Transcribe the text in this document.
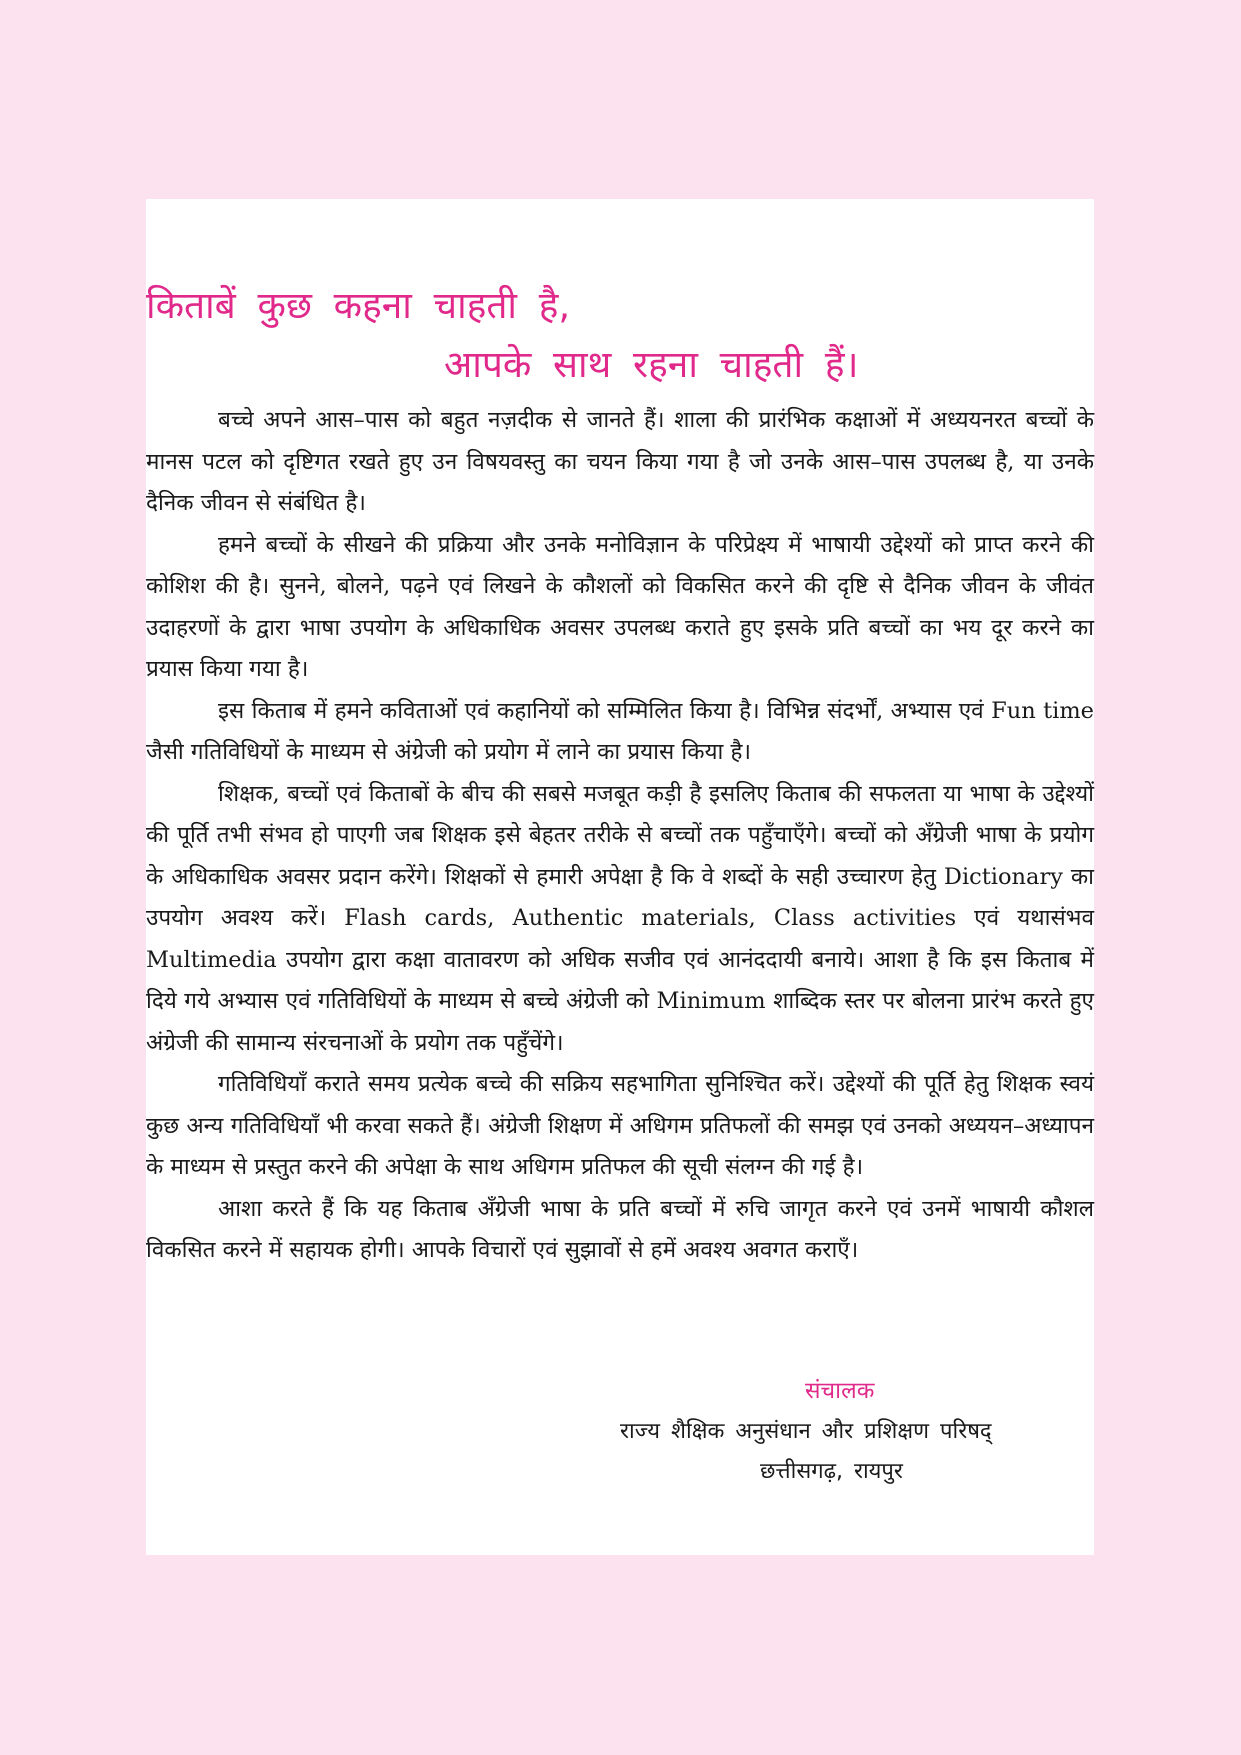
किताबें कुछ कहना चाहती है,
आपके साथ रहना चाहती हैं।

बच्चे अपने आस–पास को बहुत नज़दीक से जानते हैं। शाला की प्रारंभिक कक्षाओं में अध्ययनरत बच्चों के मानस पटल को दृष्टिगत रखते हुए उन विषयवस्तु का चयन किया गया है जो उनके आस–पास उपलब्ध है, या उनके दैनिक जीवन से संबंधित है।

हमने बच्चों के सीखने की प्रक्रिया और उनके मनोविज्ञान के परिप्रेक्ष्य में भाषायी उद्देश्यों को प्राप्त करने की कोशिश की है। सुनने, बोलने, पढ़ने एवं लिखने के कौशलों को विकसित करने की दृष्टि से दैनिक जीवन के जीवंत उदाहरणों के द्वारा भाषा उपयोग के अधिकाधिक अवसर उपलब्ध कराते हुए इसके प्रति बच्चों का भय दूर करने का प्रयास किया गया है।

इस किताब में हमने कविताओं एवं कहानियों को सम्मिलित किया है। विभिन्न संदर्भों, अभ्यास एवं Fun time जैसी गतिविधियों के माध्यम से अंग्रेजी को प्रयोग में लाने का प्रयास किया है।

शिक्षक, बच्चों एवं किताबों के बीच की सबसे मजबूत कड़ी है इसलिए किताब की सफलता या भाषा के उद्देश्यों की पूर्ति तभी संभव हो पाएगी जब शिक्षक इसे बेहतर तरीके से बच्चों तक पहुँचाएँगे। बच्चों को अँग्रेजी भाषा के प्रयोग के अधिकाधिक अवसर प्रदान करेंगे। शिक्षकों से हमारी अपेक्षा है कि वे शब्दों के सही उच्चारण हेतु Dictionary का उपयोग अवश्य करें। Flash cards, Authentic materials, Class activities एवं यथासंभव Multimedia उपयोग द्वारा कक्षा वातावरण को अधिक सजीव एवं आनंददायी बनाये। आशा है कि इस किताब में दिये गये अभ्यास एवं गतिविधियों के माध्यम से बच्चे अंग्रेजी को Minimum शाब्दिक स्तर पर बोलना प्रारंभ करते हुए अंग्रेजी की सामान्य संरचनाओं के प्रयोग तक पहुँचेंगे।

गतिविधियाँ कराते समय प्रत्येक बच्चे की सक्रिय सहभागिता सुनिश्चित करें। उद्देश्यों की पूर्ति हेतु शिक्षक स्वयं कुछ अन्य गतिविधियाँ भी करवा सकते हैं। अंग्रेजी शिक्षण में अधिगम प्रतिफलों की समझ एवं उनको अध्ययन–अध्यापन के माध्यम से प्रस्तुत करने की अपेक्षा के साथ अधिगम प्रतिफल की सूची संलग्न की गई है।

आशा करते हैं कि यह किताब अँग्रेजी भाषा के प्रति बच्चों में रुचि जागृत करने एवं उनमें भाषायी कौशल विकसित करने में सहायक होगी। आपके विचारों एवं सुझावों से हमें अवश्य अवगत कराएँ।

संचालक
राज्य शैक्षिक अनुसंधान और प्रशिक्षण परिषद्
छत्तीसगढ़, रायपुर
